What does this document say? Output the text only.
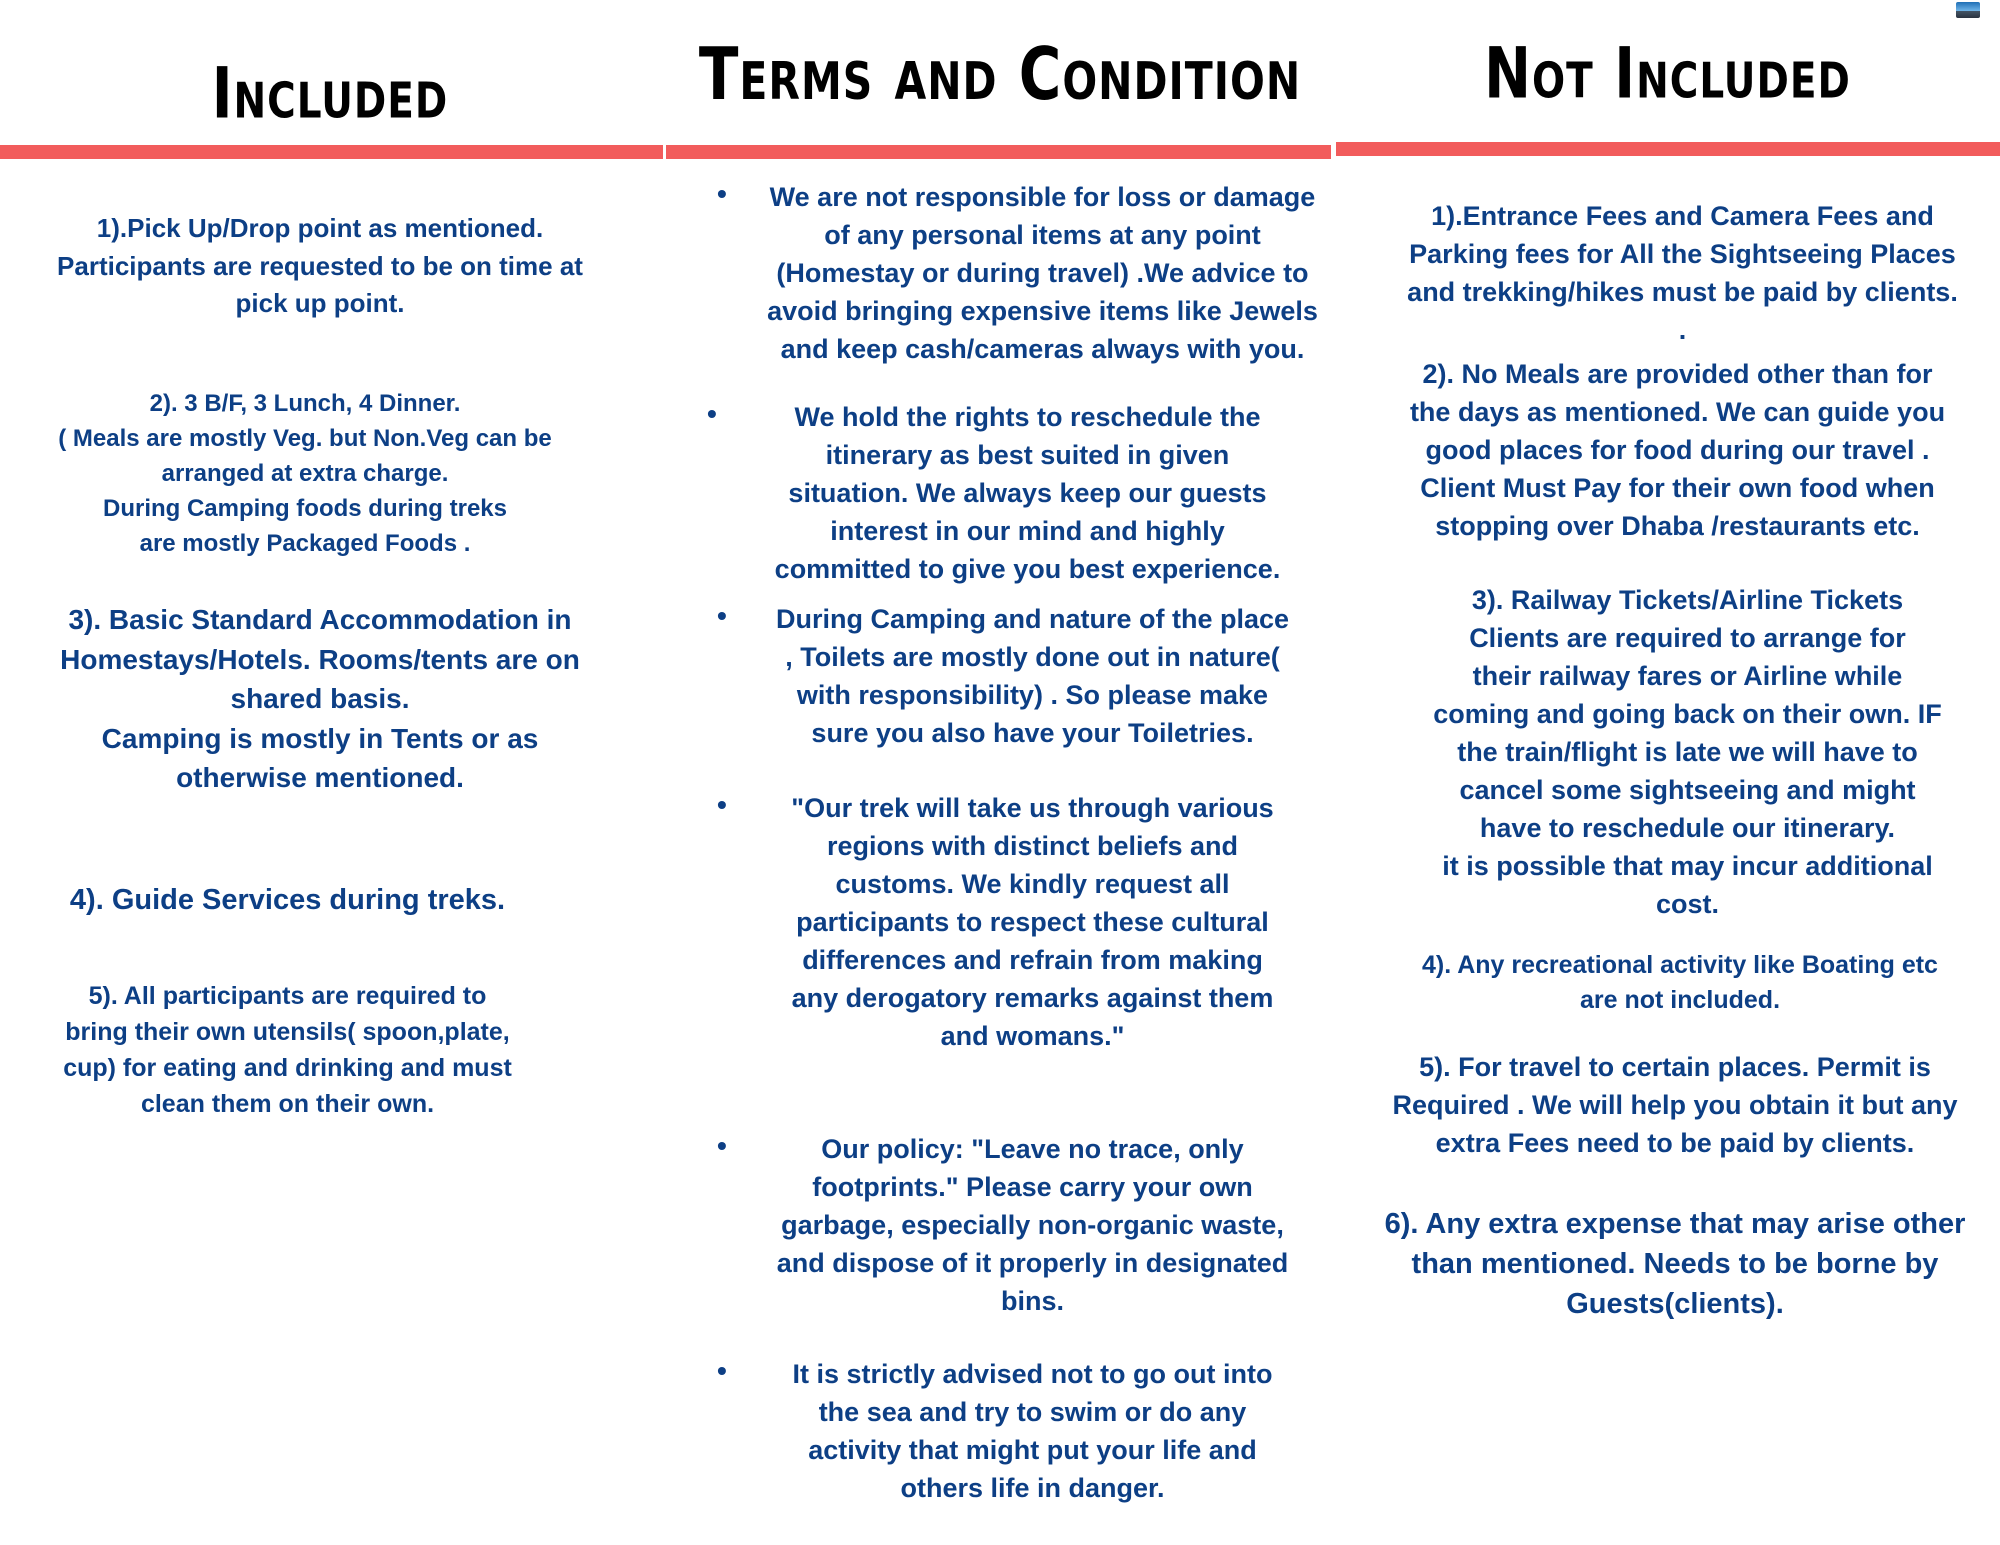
Included	Terms and Condition	Not Included

1).Pick Up/Drop point as mentioned.
Participants are requested to be on time at
pick up point.

2). 3 B/F, 3 Lunch, 4 Dinner.
( Meals are mostly Veg. but Non.Veg can be
arranged at extra charge.
During Camping foods during treks
are mostly Packaged Foods .

3). Basic Standard Accommodation in
Homestays/Hotels. Rooms/tents are on
shared basis.
Camping is mostly in Tents or as
otherwise mentioned.

4). Guide Services during treks.

5). All participants are required to
bring their own utensils( spoon,plate,
cup) for eating and drinking and must
clean them on their own.

•	We are not responsible for loss or damage
of any personal items at any point
(Homestay or during travel) .We advice to
avoid bringing expensive items like Jewels
and keep cash/cameras always with you.

•	We hold the rights to reschedule the
itinerary as best suited in given
situation. We always keep our guests
interest in our mind and highly
committed to give you best experience.

•	During Camping and nature of the place
, Toilets are mostly done out in nature(
with responsibility) . So please make
sure you also have your Toiletries.

•	"Our trek will take us through various
regions with distinct beliefs and
customs. We kindly request all
participants to respect these cultural
differences and refrain from making
any derogatory remarks against them
and womans."

•	Our policy: "Leave no trace, only
footprints." Please carry your own
garbage, especially non-organic waste,
and dispose of it properly in designated
bins.

•	It is strictly advised not to go out into
the sea and try to swim or do any
activity that might put your life and
others life in danger.

1).Entrance Fees and Camera Fees and
Parking fees for All the Sightseeing Places
and trekking/hikes must be paid by clients.
.

2). No Meals are provided other than for
the days as mentioned. We can guide you
good places for food during our travel .
Client Must Pay for their own food when
stopping over Dhaba /restaurants etc.

3). Railway Tickets/Airline Tickets
Clients are required to arrange for
their railway fares or Airline while
coming and going back on their own. IF
the train/flight is late we will have to
cancel some sightseeing and might
have to reschedule our itinerary.
it is possible that may incur additional
cost.

4). Any recreational activity like Boating etc
are not included.

5). For travel to certain places. Permit is
Required . We will help you obtain it but any
extra Fees need to be paid by clients.

6). Any extra expense that may arise other
than mentioned. Needs to be borne by
Guests(clients).
